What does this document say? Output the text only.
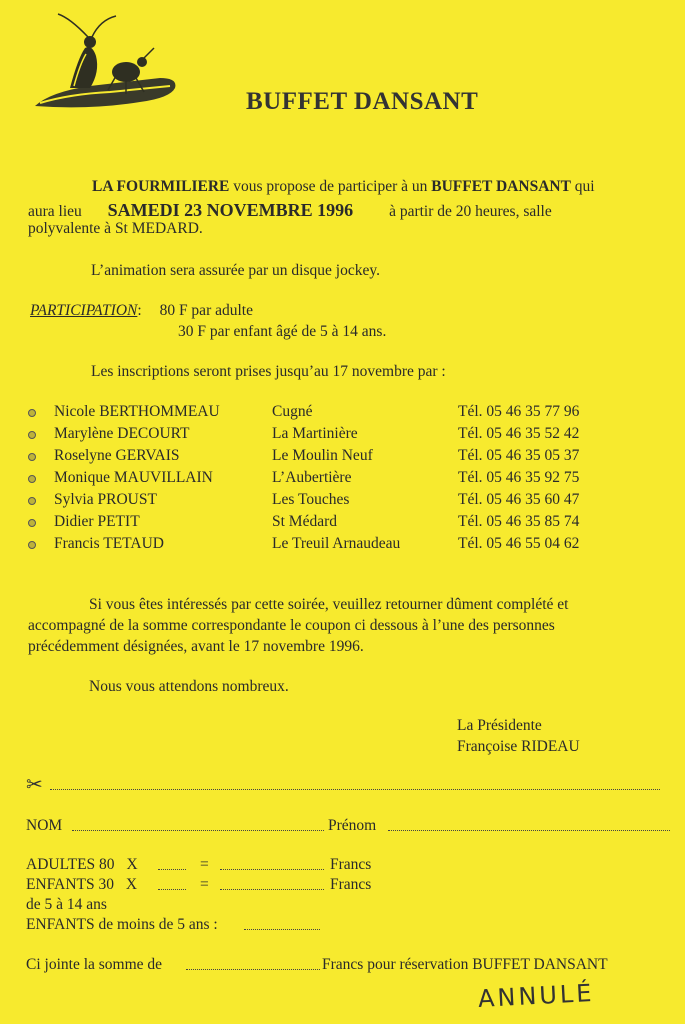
BUFFET DANSANT
LA FOURMILIERE vous propose de participer à un BUFFET DANSANT qui
aura lieu SAMEDI 23 NOVEMBRE 1996 à partir de 20 heures, salle
polyvalente à St MEDARD.
L’animation sera assurée par un disque jockey.
PARTICIPATION: 80 F par adulte
30 F par enfant âgé de 5 à 14 ans.
Les inscriptions seront prises jusqu’au 17 novembre par :
Nicole BERTHOMMEAU	Cugné	Tél. 05 46 35 77 96
Marylène DECOURT	La Martinière	Tél. 05 46 35 52 42
Roselyne GERVAIS	Le Moulin Neuf	Tél. 05 46 35 05 37
Monique MAUVILLAIN	L’Aubertière	Tél. 05 46 35 92 75
Sylvia PROUST	Les Touches	Tél. 05 46 35 60 47
Didier PETIT	St Médard	Tél. 05 46 35 85 74
Francis TETAUD	Le Treuil Arnaudeau	Tél. 05 46 55 04 62
Si vous êtes intéressés par cette soirée, veuillez retourner dûment complété et
accompagné de la somme correspondante le coupon ci dessous à l’une des personnes
précédemment désignées, avant le 17 novembre 1996.
Nous vous attendons nombreux.
La Présidente
Françoise RIDEAU
✂
NOM	Prénom
ADULTES 80 X	=	Francs
ENFANTS 30 X	=	Francs
de 5 à 14 ans
ENFANTS de moins de 5 ans :
Ci jointe la somme de	Francs pour réservation BUFFET DANSANT
ANNULÉ
